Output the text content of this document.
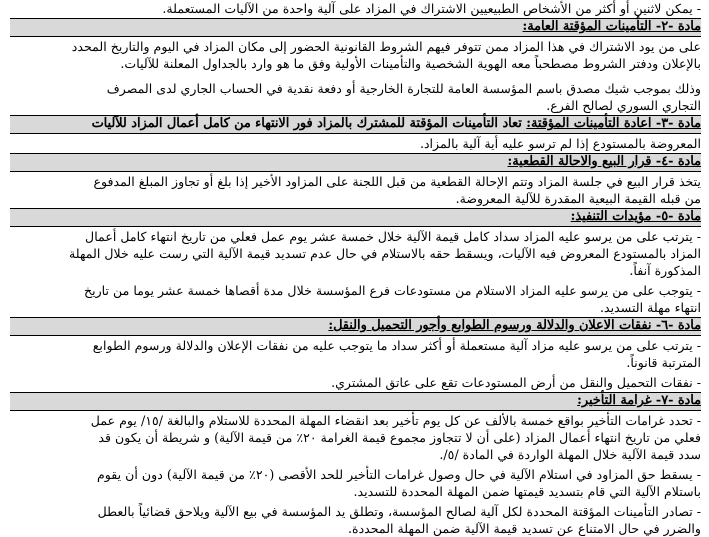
- يمكن لاثنين أو أكثر من الأشخاص الطبيعيين الاشتراك في المزاد على آلية واحدة من الآليات المستعملة.
مادة -٢- التأمينات المؤقتة العامة:
على من يود الاشتراك في هذا المزاد ممن تتوفر فيهم الشروط القانونية الحضور إلى مكان المزاد في اليوم والتاريخ المحدد
بالإعلان ودفتر الشروط مصطحباً معه الهوية الشخصية والتأمينات الأولية وفق ما هو وارد بالجداول المعلنة للآليات.
وذلك بموجب شيك مصدق باسم المؤسسة العامة للتجارة الخارجية أو دفعة نقدية في الحساب الجاري لدى المصرف
التجاري السوري لصالح الفرع.
مادة -٣- اعادة التأمينات المؤقتة:
تعاد التأمينات المؤقتة للمشترك بالمزاد فور الانتهاء من كامل أعمال المزاد للآليات
المعروضة بالمستودع إذا لم ترسو عليه أية آلية بالمزاد.
مادة -٤- قرار البيع والاحالة القطعية:
يتخذ قرار البيع في جلسة المزاد وتتم الإحالة القطعية من قبل اللجنة على المزاود الأخير إذا بلغ أو تجاوز المبلغ المدفوع
من قبله القيمة البيعية المقدرة للآلية المعروضة.
مادة -٥- مؤيدات التنفيذ:
- يترتب على من يرسو عليه المزاد سداد كامل قيمة الآلية خلال خمسة عشر يوم عمل فعلي من تاريخ انتهاء كامل أعمال
المزاد بالمستودع المعروض فيه الآليات، ويسقط حقه بالاستلام في حال عدم تسديد قيمة الآلية التي رست عليه خلال المهلة
المذكورة آنفاً.
- يتوجب على من يرسو عليه المزاد الاستلام من مستودعات فرع المؤسسة خلال مدة أقصاها خمسة عشر يوما من تاريخ
انتهاء مهلة التسديد.
مادة -٦- نفقات الاعلان والدلالة ورسوم الطوابع وأجور التحميل والنقل:
- يترتب على من يرسو عليه مزاد آلية مستعملة أو أكثر سداد ما يتوجب عليه من نفقات الإعلان والدلالة ورسوم الطوابع
المترتبة قانوناً.
- نفقات التحميل والنقل من أرض المستودعات تقع على عاتق المشتري.
مادة -٧- غرامة التأخير:
- تحدد غرامات التأخير بواقع خمسة بالألف عن كل يوم تأخير بعد انقضاء المهلة المحددة للاستلام والبالغة /١٥/ يوم عمل
فعلي من تاريخ انتهاء أعمال المزاد (على أن لا تتجاوز مجموع قيمة الغرامة ٢٠٪ من قيمة الآلية) و شريطة أن يكون قد
سدد قيمة الآلية خلال المهلة الواردة في المادة /٥/.
- يسقط حق المزاود في استلام الآلية في حال وصول غرامات التأخير للحد الأقصى (٢٠٪ من قيمة الآلية) دون أن يقوم
باستلام الآلية التي قام بتسديد قيمتها ضمن المهلة المحددة للتسديد.
- تصادر التأمينات المؤقتة المحددة لكل آلية لصالح المؤسسة، وتطلق يد المؤسسة في بيع الآلية ويلاحق قضائياً بالعطل
والضرر في حال الامتناع عن تسديد قيمة الآلية ضمن المهلة المحددة.
